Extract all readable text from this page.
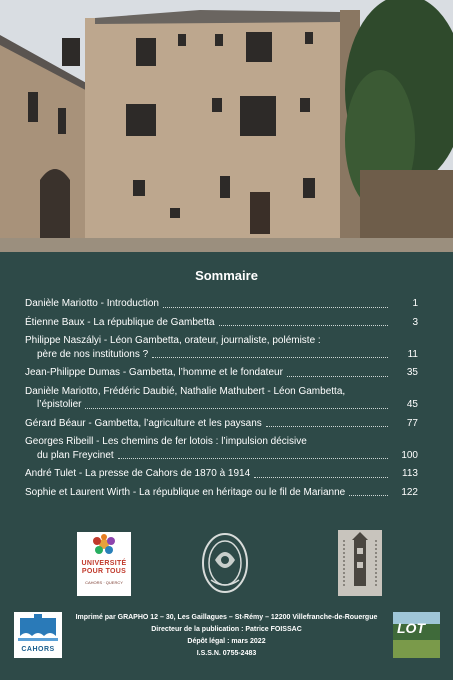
Sommaire
Danièle Mariotto - Introduction	1
Étienne Baux - La république de Gambetta	3
Philippe Naszályi - Léon Gambetta, orateur, journaliste, polémiste :
père de nos institutions ?	11
Jean-Philippe Dumas - Gambetta, l’homme et le fondateur	35
Danièle Mariotto, Frédéric Daubié, Nathalie Mathubert - Léon Gambetta,
l’épistolier	45
Gérard Béaur - Gambetta, l’agriculture et les paysans	77
Georges Ribeill - Les chemins de fer lotois : l’impulsion décisive
du plan Freycinet	100
André Tulet - La presse de Cahors de 1870 à 1914	113
Sophie et Laurent Wirth - La république en héritage ou le fil de Marianne	122
UNIVERSITÉ POUR TOUS
CAHORS · QUERCY
CAHORS
Imprimé par GRAPHO 12 – 30, Les Gaillagues – St-Rémy – 12200 Villefranche-de-Rouergue
Directeur de la publication : Patrice FOISSAC
Dépôt légal : mars 2022
I.S.S.N. 0755-2483
LOT
